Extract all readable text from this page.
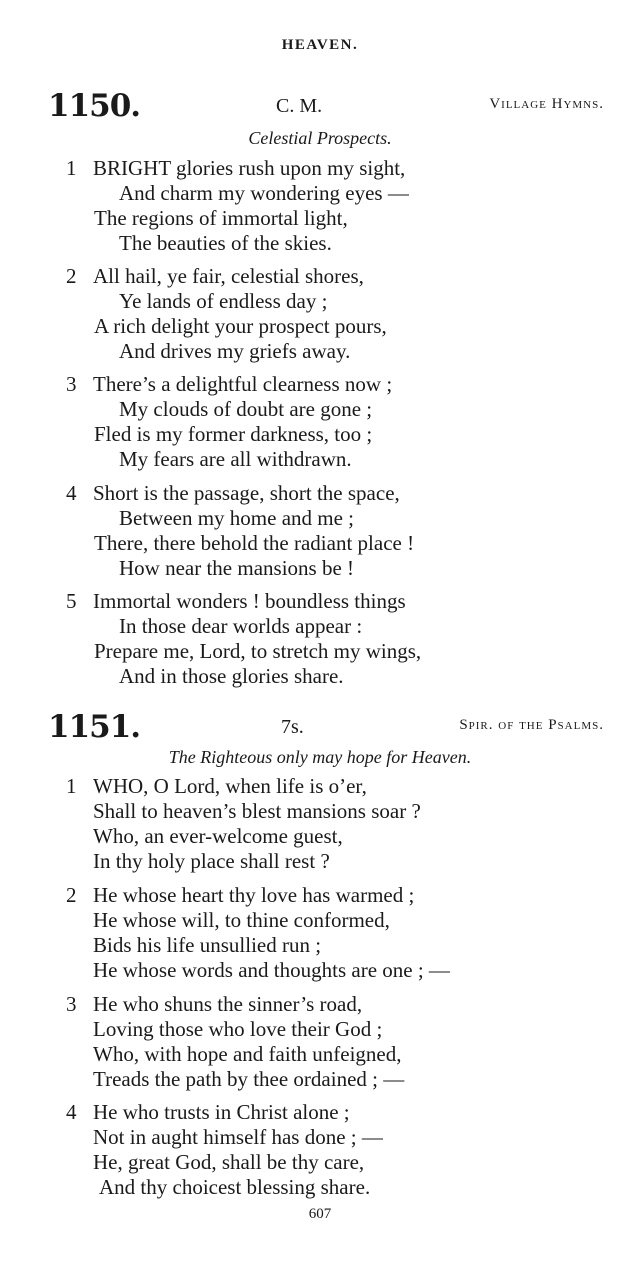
HEAVEN.
1150.	C. M.	Village Hymns.
Celestial Prospects.
1 BRIGHT glories rush upon my sight,
And charm my wondering eyes —
The regions of immortal light,
The beauties of the skies.
2 All hail, ye fair, celestial shores,
Ye lands of endless day ;
A rich delight your prospect pours,
And drives my griefs away.
3 There’s a delightful clearness now ;
My clouds of doubt are gone ;
Fled is my former darkness, too ;
My fears are all withdrawn.
4 Short is the passage, short the space,
Between my home and me ;
There, there behold the radiant place !
How near the mansions be !
5 Immortal wonders ! boundless things
In those dear worlds appear :
Prepare me, Lord, to stretch my wings,
And in those glories share.
1151.	7s.	Spir. of the Psalms.
The Righteous only may hope for Heaven.
1 WHO, O Lord, when life is o’er,
Shall to heaven’s blest mansions soar ?
Who, an ever-welcome guest,
In thy holy place shall rest ?
2 He whose heart thy love has warmed ;
He whose will, to thine conformed,
Bids his life unsullied run ;
He whose words and thoughts are one ; —
3 He who shuns the sinner’s road,
Loving those who love their God ;
Who, with hope and faith unfeigned,
Treads the path by thee ordained ; —
4 He who trusts in Christ alone ;
Not in aught himself has done ; —
He, great God, shall be thy care,
And thy choicest blessing share.
607
